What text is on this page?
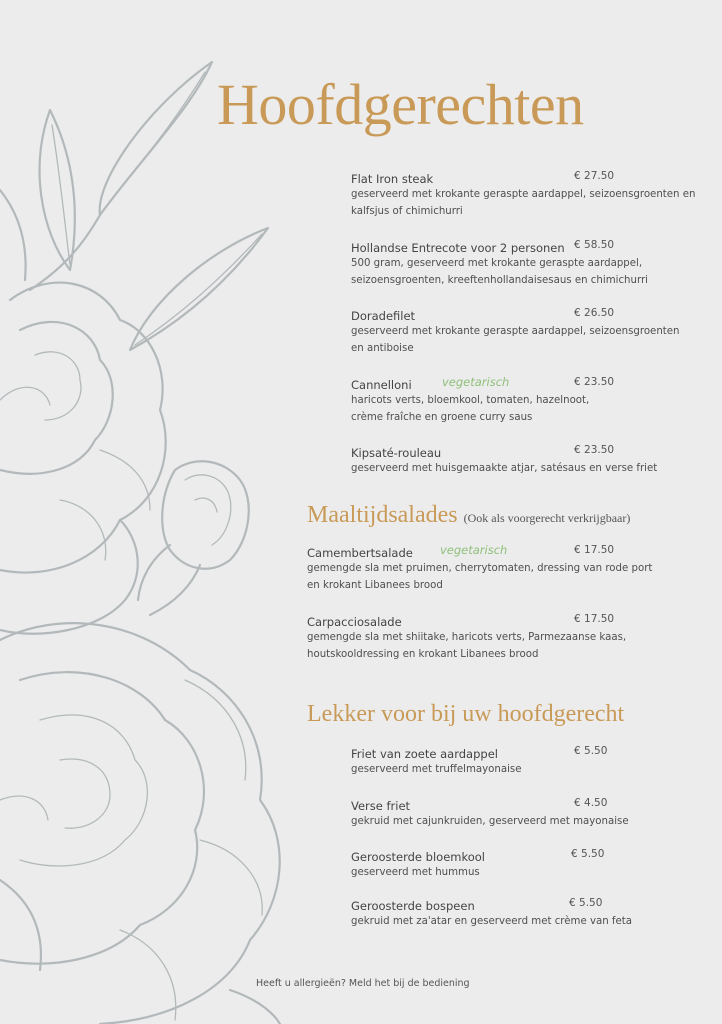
Hoofdgerechten
Flat Iron steak	€ 27.50
geserveerd met krokante geraspte aardappel, seizoensgroenten en
kalfsjus of chimichurri
Hollandse Entrecote voor 2 personen € 58.50
500 gram, geserveerd met krokante geraspte aardappel,
seizoensgroenten, kreeftenhollandaisesaus en chimichurri
Doradefilet	€ 26.50
geserveerd met krokante geraspte aardappel, seizoensgroenten
en antiboise
Cannelloni	vegetarisch	€ 23.50
haricots verts, bloemkool, tomaten, hazelnoot,
crème fraîche en groene curry saus
Kipsaté-rouleau	€ 23.50
geserveerd met huisgemaakte atjar, satésaus en verse friet
Maaltijdsalades (Ook als voorgerecht verkrijgbaar)
Camembertsalade vegetarisch	€ 17.50
gemengde sla met pruimen, cherrytomaten, dressing van rode port
en krokant Libanees brood
Carpacciosalade	€ 17.50
gemengde sla met shiitake, haricots verts, Parmezaanse kaas,
houtskooldressing en krokant Libanees brood
Lekker voor bij uw hoofdgerecht
Friet van zoete aardappel	€ 5.50
geserveerd met truffelmayonaise
Verse friet	€ 4.50
gekruid met cajunkruiden, geserveerd met mayonaise
Geroosterde bloemkool	€ 5.50
geserveerd met hummus
Geroosterde bospeen	€ 5.50
gekruid met za'atar en geserveerd met crème van feta
Heeft u allergieën? Meld het bij de bediening
